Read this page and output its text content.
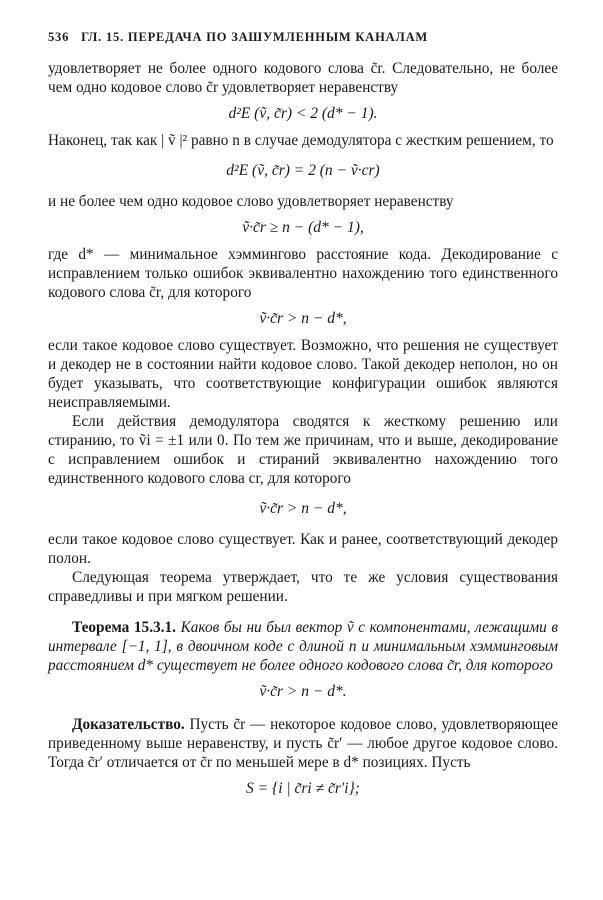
536 ГЛ. 15. ПЕРЕДАЧА ПО ЗАШУМЛЕННЫМ КАНАЛАМ
удовлетворяет не более одного кодового слова c̃r. Следовательно, не более чем одно кодовое слово c̃r удовлетворяет неравенству
d²E (ṽ, c̃r) < 2 (d* − 1).
Наконец, так как | ṽ |² равно n в случае демодулятора с жестким решением, то
d²E (ṽ, c̃r) = 2 (n − ṽ·cr)
и не более чем одно кодовое слово удовлетворяет неравенству
ṽ·c̃r ≥ n − (d* − 1),
где d* — минимальное хэммингово расстояние кода. Декодирование с исправлением только ошибок эквивалентно нахождению того единственного кодового слова c̃r, для которого
ṽ·c̃r > n − d*,
если такое кодовое слово существует. Возможно, что решения не существует и декодер не в состоянии найти кодовое слово. Такой декодер неполон, но он будет указывать, что соответствующие конфигурации ошибок являются неисправляемыми.
Если действия демодулятора сводятся к жесткому решению или стиранию, то ṽi = ±1 или 0. По тем же причинам, что и выше, декодирование с исправлением ошибок и стираний эквивалентно нахождению того единственного кодового слова cr, для которого
ṽ·c̃r > n − d*,
если такое кодовое слово существует. Как и ранее, соответствующий декодер полон.
Следующая теорема утверждает, что те же условия существования справедливы и при мягком решении.
Теорема 15.3.1. Каков бы ни был вектор ṽ с компонентами, лежащими в интервале [−1, 1], в двоичном коде с длиной n и минимальным хэмминговым расстоянием d* существует не более одного кодового слова c̃r, для которого
ṽ·c̃r > n − d*.
Доказательство. Пусть c̃r — некоторое кодовое слово, удовлетворяющее приведенному выше неравенству, и пусть c̃r′ — любое другое кодовое слово. Тогда c̃r′ отличается от c̃r по меньшей мере в d* позициях. Пусть
S = {i | c̃ri ≠ c̃r′i};
